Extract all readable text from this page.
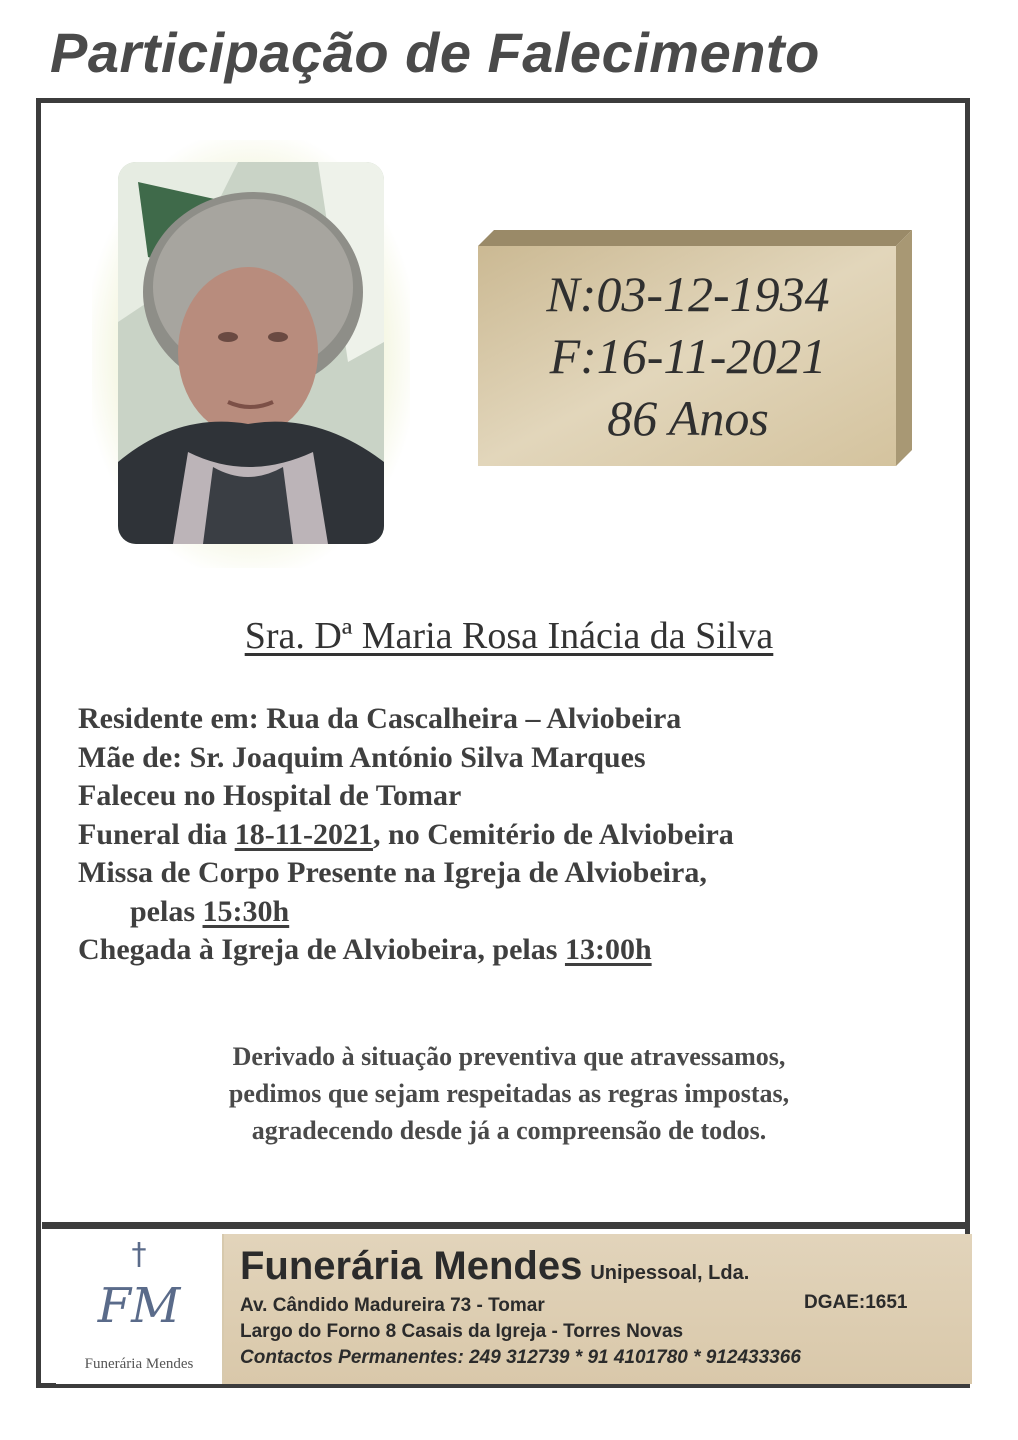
Participação de Falecimento
N:03-12-1934
F:16-11-2021
86 Anos
Sra. Dª Maria Rosa Inácia da Silva
Residente em: Rua da Cascalheira – Alviobeira
Mãe de: Sr. Joaquim António Silva Marques
Faleceu no Hospital de Tomar
Funeral dia 18-11-2021, no Cemitério de Alviobeira
Missa de Corpo Presente na Igreja de Alviobeira,
pelas 15:30h
Chegada à Igreja de Alviobeira, pelas 13:00h
Derivado à situação preventiva que atravessamos,
pedimos que sejam respeitadas as regras impostas,
agradecendo desde já a compreensão de todos.
†
FM
Funerária Mendes
Funerária Mendes Unipessoal, Lda.
Av. Cândido Madureira 73 - Tomar	DGAE:1651
Largo do Forno 8 Casais da Igreja - Torres Novas
Contactos Permanentes: 249 312739 * 91 4101780 * 912433366
